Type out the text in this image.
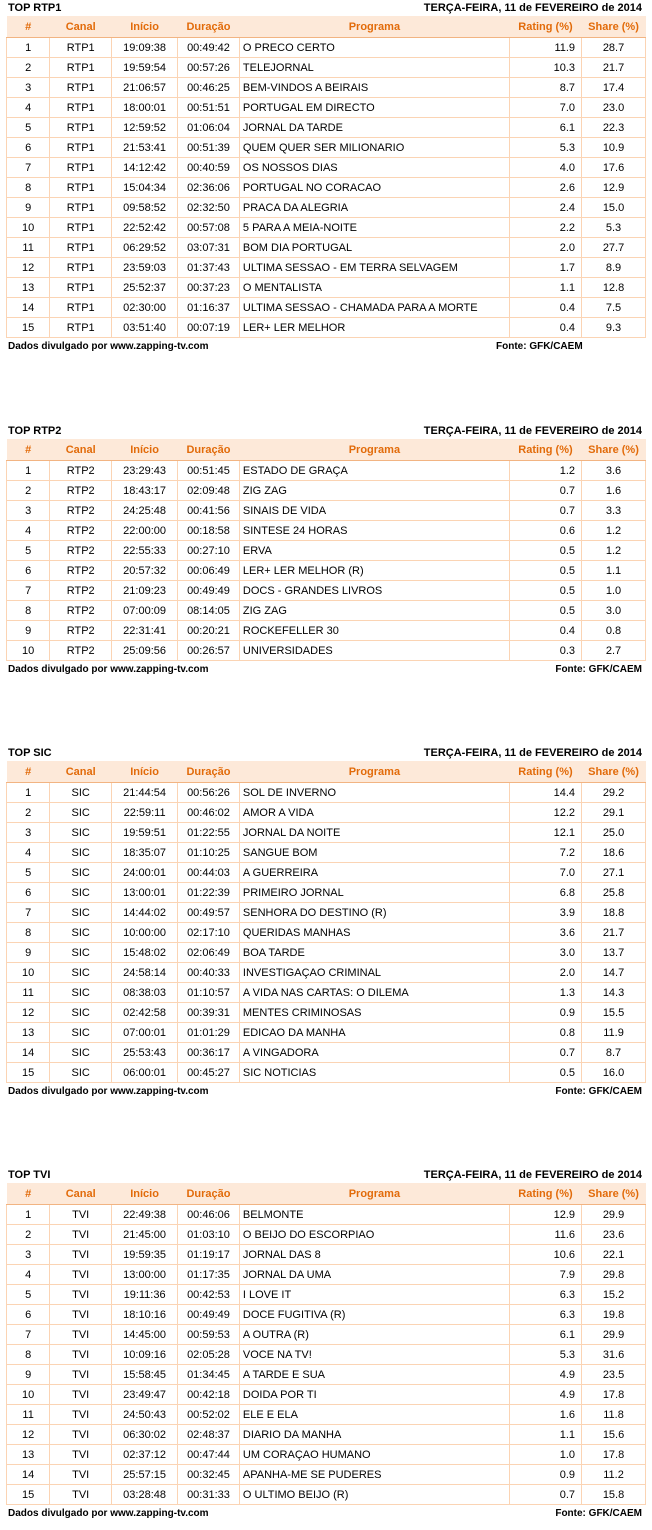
TOP RTP1	TERÇA-FEIRA, 11 de FEVEREIRO de 2014
#	Canal	Início	Duração	Programa	Rating (%)	Share (%)
1	RTP1	19:09:38	00:49:42	O PRECO CERTO	11.9	28.7
2	RTP1	19:59:54	00:57:26	TELEJORNAL	10.3	21.7
3	RTP1	21:06:57	00:46:25	BEM-VINDOS A BEIRAIS	8.7	17.4
4	RTP1	18:00:01	00:51:51	PORTUGAL EM DIRECTO	7.0	23.0
5	RTP1	12:59:52	01:06:04	JORNAL DA TARDE	6.1	22.3
6	RTP1	21:53:41	00:51:39	QUEM QUER SER MILIONARIO	5.3	10.9
7	RTP1	14:12:42	00:40:59	OS NOSSOS DIAS	4.0	17.6
8	RTP1	15:04:34	02:36:06	PORTUGAL NO CORACAO	2.6	12.9
9	RTP1	09:58:52	02:32:50	PRACA DA ALEGRIA	2.4	15.0
10	RTP1	22:52:42	00:57:08	5 PARA A MEIA-NOITE	2.2	5.3
11	RTP1	06:29:52	03:07:31	BOM DIA PORTUGAL	2.0	27.7
12	RTP1	23:59:03	01:37:43	ULTIMA SESSAO - EM TERRA SELVAGEM	1.7	8.9
13	RTP1	25:52:37	00:37:23	O MENTALISTA	1.1	12.8
14	RTP1	02:30:00	01:16:37	ULTIMA SESSAO - CHAMADA PARA A MORTE	0.4	7.5
15	RTP1	03:51:40	00:07:19	LER+ LER MELHOR	0.4	9.3
Dados divulgado por www.zapping-tv.com	Fonte: GFK/CAEM
TOP RTP2	TERÇA-FEIRA, 11 de FEVEREIRO de 2014
#	Canal	Início	Duração	Programa	Rating (%)	Share (%)
1	RTP2	23:29:43	00:51:45	ESTADO DE GRAÇA	1.2	3.6
2	RTP2	18:43:17	02:09:48	ZIG ZAG	0.7	1.6
3	RTP2	24:25:48	00:41:56	SINAIS DE VIDA	0.7	3.3
4	RTP2	22:00:00	00:18:58	SINTESE 24 HORAS	0.6	1.2
5	RTP2	22:55:33	00:27:10	ERVA	0.5	1.2
6	RTP2	20:57:32	00:06:49	LER+ LER MELHOR (R)	0.5	1.1
7	RTP2	21:09:23	00:49:49	DOCS - GRANDES LIVROS	0.5	1.0
8	RTP2	07:00:09	08:14:05	ZIG ZAG	0.5	3.0
9	RTP2	22:31:41	00:20:21	ROCKEFELLER 30	0.4	0.8
10	RTP2	25:09:56	00:26:57	UNIVERSIDADES	0.3	2.7
Dados divulgado por www.zapping-tv.com	Fonte: GFK/CAEM
TOP SIC	TERÇA-FEIRA, 11 de FEVEREIRO de 2014
#	Canal	Início	Duração	Programa	Rating (%)	Share (%)
1	SIC	21:44:54	00:56:26	SOL DE INVERNO	14.4	29.2
2	SIC	22:59:11	00:46:02	AMOR A VIDA	12.2	29.1
3	SIC	19:59:51	01:22:55	JORNAL DA NOITE	12.1	25.0
4	SIC	18:35:07	01:10:25	SANGUE BOM	7.2	18.6
5	SIC	24:00:01	00:44:03	A GUERREIRA	7.0	27.1
6	SIC	13:00:01	01:22:39	PRIMEIRO JORNAL	6.8	25.8
7	SIC	14:44:02	00:49:57	SENHORA DO DESTINO (R)	3.9	18.8
8	SIC	10:00:00	02:17:10	QUERIDAS MANHAS	3.6	21.7
9	SIC	15:48:02	02:06:49	BOA TARDE	3.0	13.7
10	SIC	24:58:14	00:40:33	INVESTIGAÇAO CRIMINAL	2.0	14.7
11	SIC	08:38:03	01:10:57	A VIDA NAS CARTAS: O DILEMA	1.3	14.3
12	SIC	02:42:58	00:39:31	MENTES CRIMINOSAS	0.9	15.5
13	SIC	07:00:01	01:01:29	EDICAO DA MANHA	0.8	11.9
14	SIC	25:53:43	00:36:17	A VINGADORA	0.7	8.7
15	SIC	06:00:01	00:45:27	SIC NOTICIAS	0.5	16.0
Dados divulgado por www.zapping-tv.com	Fonte: GFK/CAEM
TOP TVI	TERÇA-FEIRA, 11 de FEVEREIRO de 2014
#	Canal	Início	Duração	Programa	Rating (%)	Share (%)
1	TVI	22:49:38	00:46:06	BELMONTE	12.9	29.9
2	TVI	21:45:00	01:03:10	O BEIJO DO ESCORPIAO	11.6	23.6
3	TVI	19:59:35	01:19:17	JORNAL DAS 8	10.6	22.1
4	TVI	13:00:00	01:17:35	JORNAL DA UMA	7.9	29.8
5	TVI	19:11:36	00:42:53	I LOVE IT	6.3	15.2
6	TVI	18:10:16	00:49:49	DOCE FUGITIVA (R)	6.3	19.8
7	TVI	14:45:00	00:59:53	A OUTRA (R)	6.1	29.9
8	TVI	10:09:16	02:05:28	VOCE NA TV!	5.3	31.6
9	TVI	15:58:45	01:34:45	A TARDE E SUA	4.9	23.5
10	TVI	23:49:47	00:42:18	DOIDA POR TI	4.9	17.8
11	TVI	24:50:43	00:52:02	ELE E ELA	1.6	11.8
12	TVI	06:30:02	02:48:37	DIARIO DA MANHA	1.1	15.6
13	TVI	02:37:12	00:47:44	UM CORAÇAO HUMANO	1.0	17.8
14	TVI	25:57:15	00:32:45	APANHA-ME SE PUDERES	0.9	11.2
15	TVI	03:28:48	00:31:33	O ULTIMO BEIJO (R)	0.7	15.8
Dados divulgado por www.zapping-tv.com	Fonte: GFK/CAEM
